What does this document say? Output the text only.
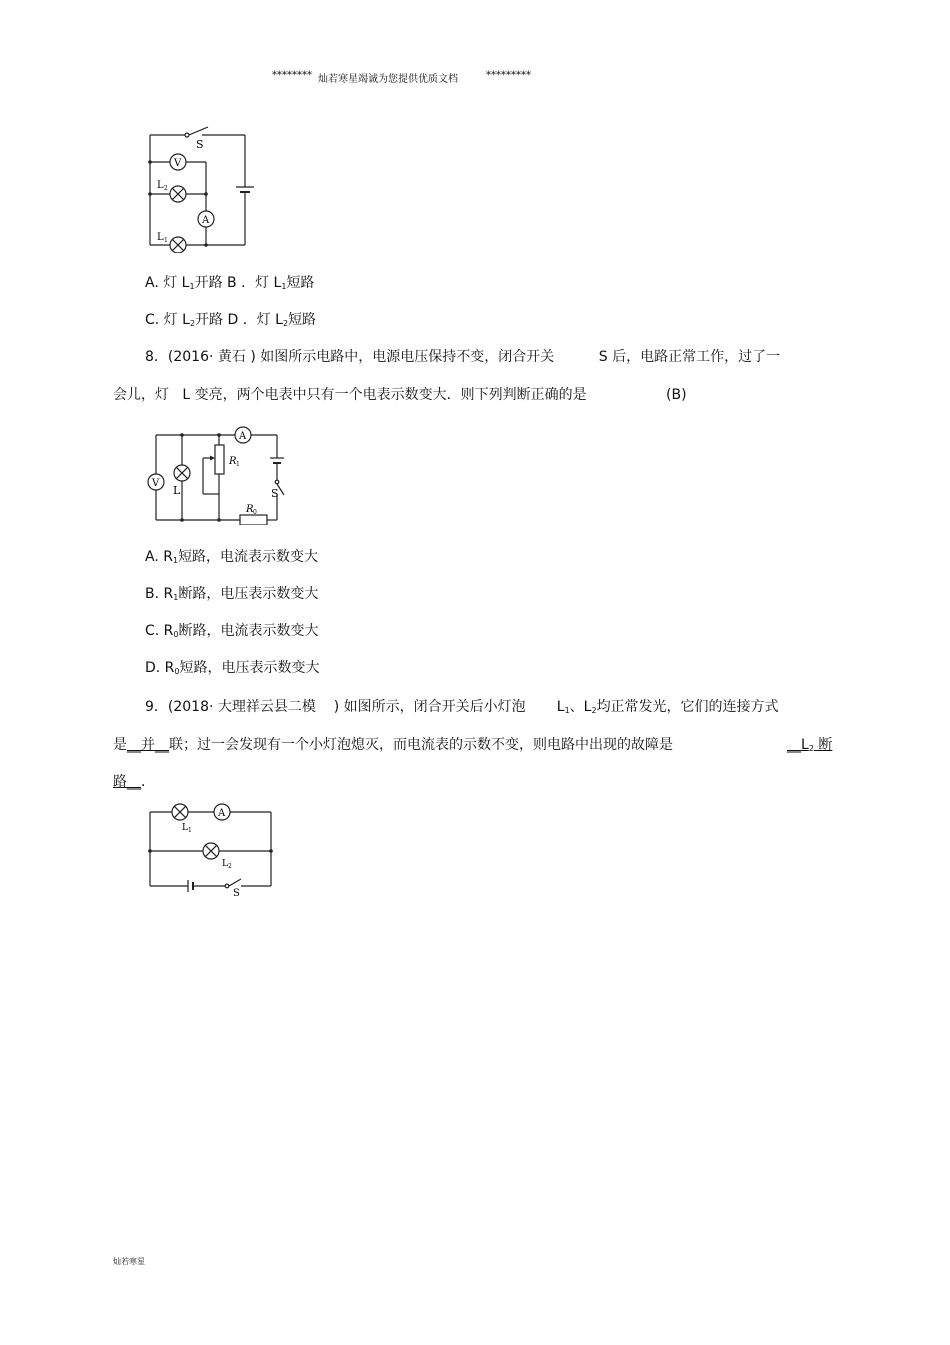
******** 灿若寒星竭诚为您提供优质文档	*********
S
V
A
L 2
L 1
A. 灯 $L_1$开路 B ．灯 $L_1$短路
C. 灯 $L_2$开路 D ．灯 $L_2$短路
8．(2016· 黄石 ) 如图所示电路中，电源电压保持不变，闭合开关          S 后，电路正常工作，过了一
会儿，灯   L 变亮，两个电表中只有一个电表示数变大．则下列判断正确的是	(B)
A
V
L
R 1
R 0
S
A. $R_1$短路，电流表示数变大
B. $R_1$断路，电压表示数变大
C. $R_0$断路，电流表示数变大
D. $R_0$短路，电压表示数变大
9．(2018· 大理祥云县二模    ) 如图所示，闭合开关后小灯泡       $L_1$、$L_2$均正常发光，它们的连接方式
是__并__联；过一会发现有一个小灯泡熄灭，而电流表的示数不变，则电路中出现的故障是	$\_\_L_2$ 断
路__．
A
L 1
L 2
S
灿若寒星
